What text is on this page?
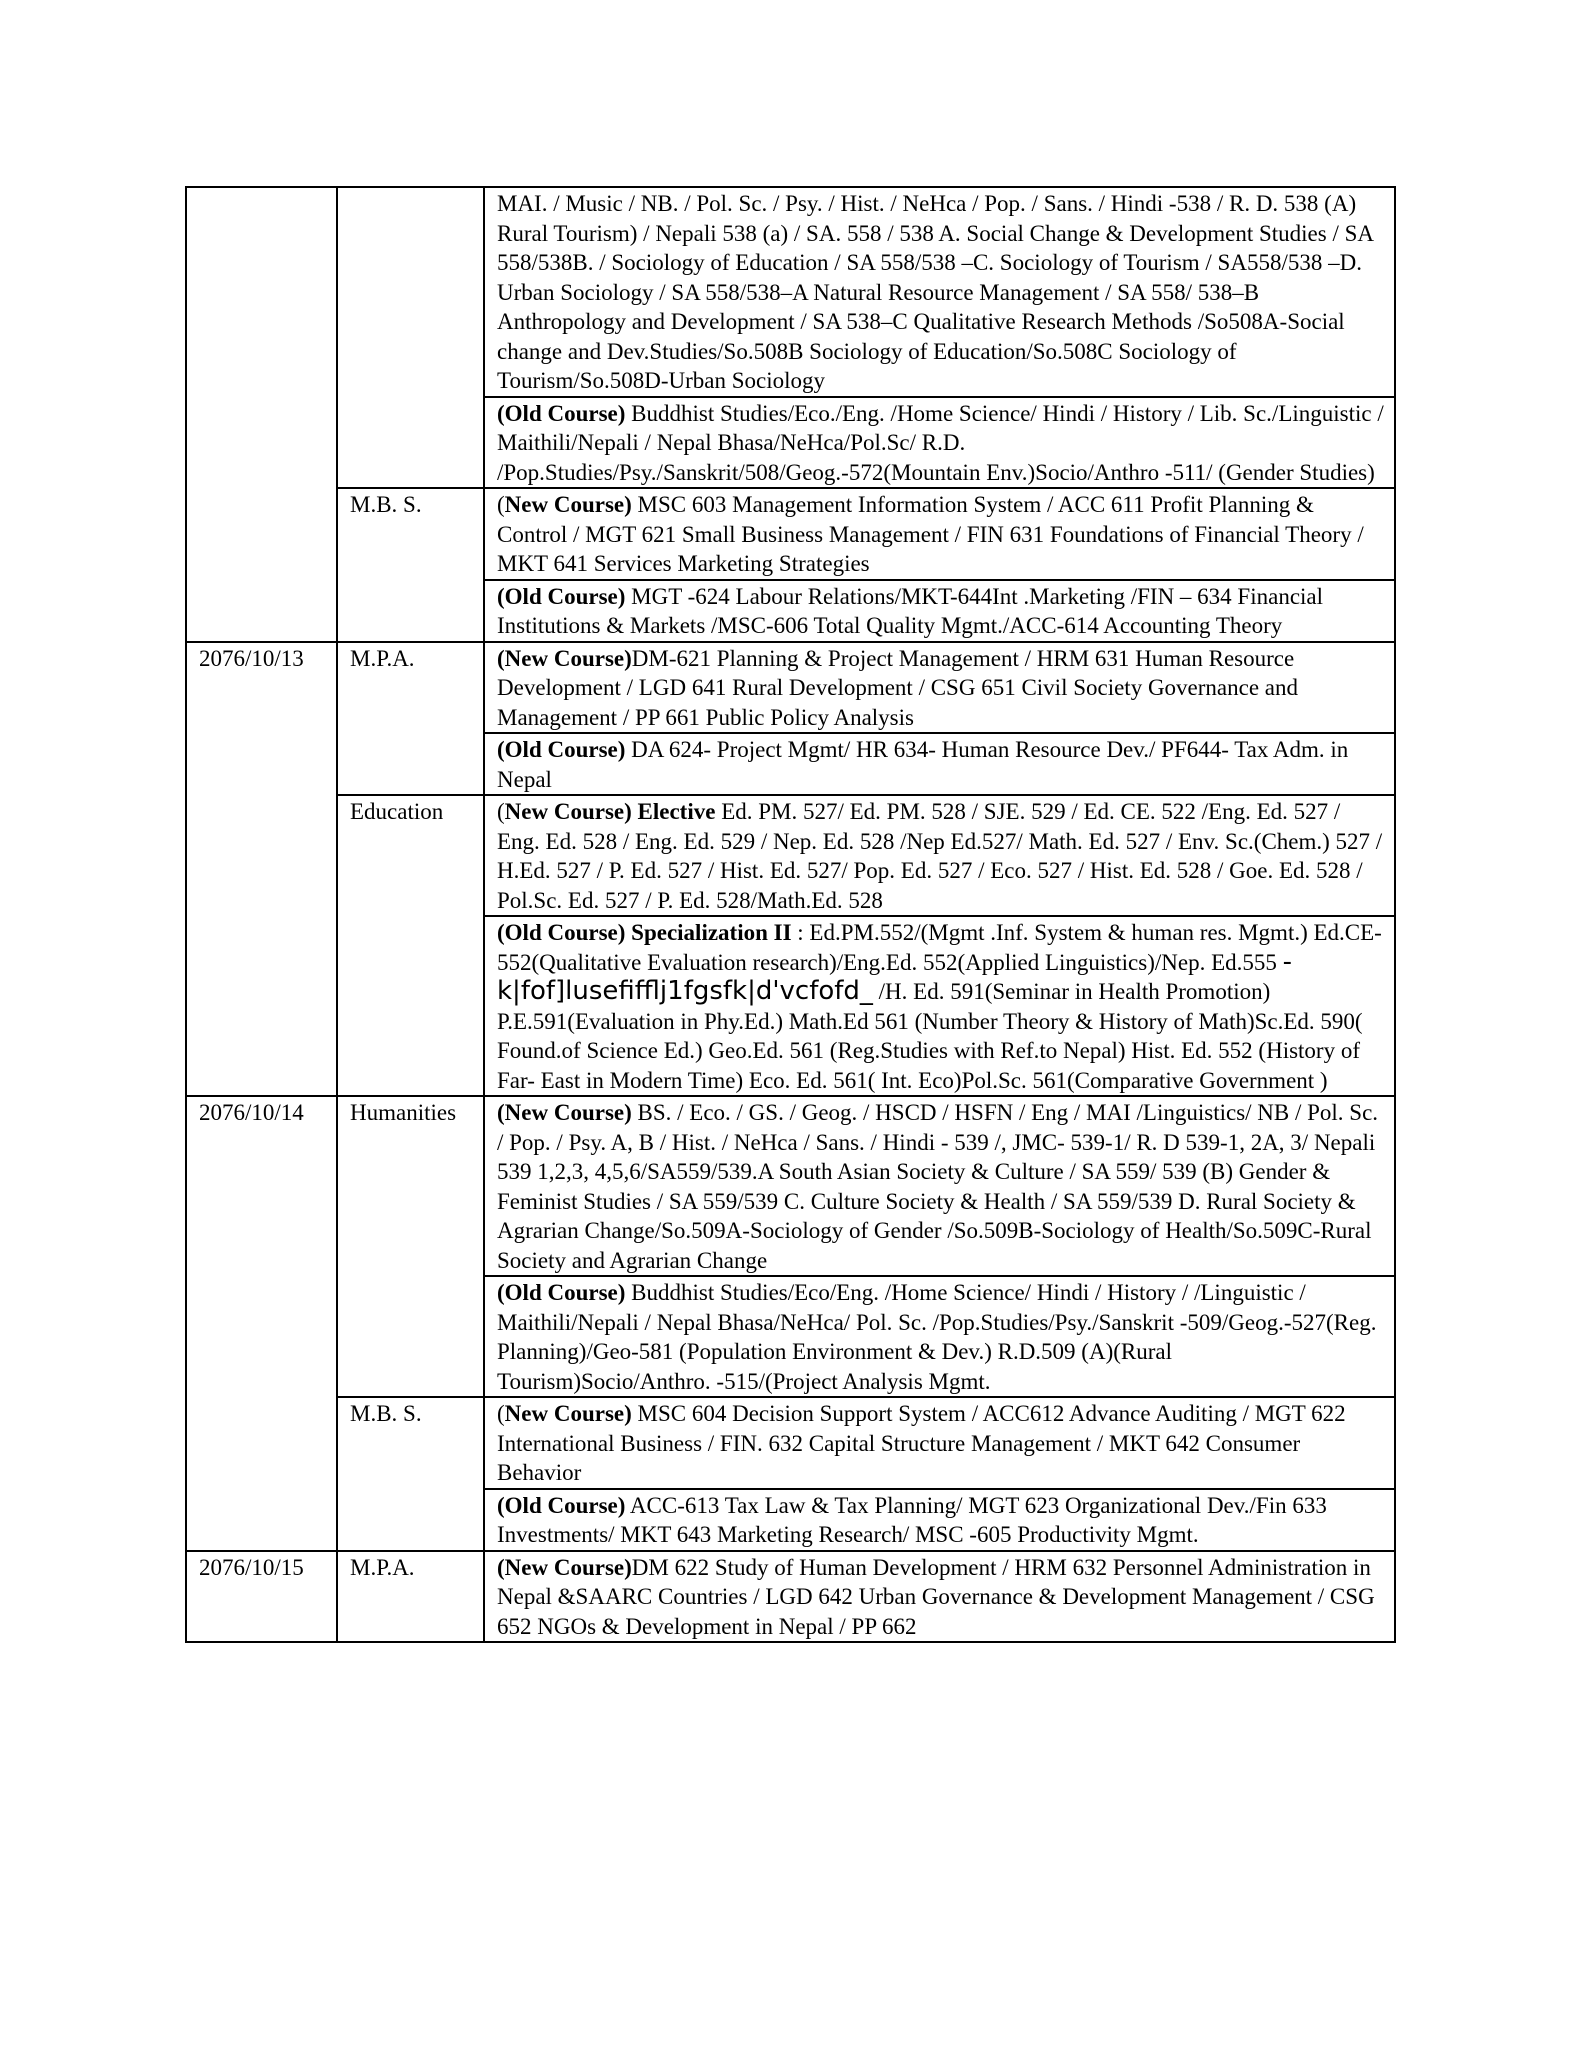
		MAI. / Music / NB. / Pol. Sc. / Psy. / Hist. / NeHca / Pop. / Sans. / Hindi -538 / R. D. 538 (A) Rural Tourism) / Nepali 538 (a) / SA. 558 / 538 A. Social Change & Development Studies / SA 558/538B. / Sociology of Education / SA 558/538 –C. Sociology of Tourism / SA558/538 –D. Urban Sociology / SA 558/538–A Natural Resource Management / SA 558/ 538–B Anthropology and Development / SA 538–C Qualitative Research Methods /So508A-Social change and Dev.Studies/So.508B Sociology of Education/So.508C Sociology of Tourism/So.508D-Urban Sociology
		(Old Course) Buddhist Studies/Eco./Eng. /Home Science/ Hindi / History / Lib. Sc./Linguistic / Maithili/Nepali / Nepal Bhasa/NeHca/Pol.Sc/ R.D. /Pop.Studies/Psy./Sanskrit/508/Geog.-572(Mountain Env.)Socio/Anthro -511/ (Gender Studies)
	M.B. S.	(New Course) MSC 603 Management Information System / ACC 611 Profit Planning & Control / MGT 621 Small Business Management / FIN 631 Foundations of Financial Theory / MKT 641 Services Marketing Strategies
		(Old Course) MGT -624 Labour Relations/MKT-644Int .Marketing /FIN – 634 Financial Institutions & Markets /MSC-606 Total Quality Mgmt./ACC-614 Accounting Theory
2076/10/13	M.P.A.	(New Course)DM-621 Planning & Project Management / HRM 631 Human Resource Development / LGD 641 Rural Development / CSG 651 Civil Society Governance and Management / PP 661 Public Policy Analysis
		(Old Course) DA 624- Project Mgmt/ HR 634- Human Resource Dev./ PF644- Tax Adm. in Nepal
	Education	(New Course) Elective Ed. PM. 527/ Ed. PM. 528 / SJE. 529 / Ed. CE. 522 /Eng. Ed. 527 / Eng. Ed. 528 / Eng. Ed. 529 / Nep. Ed. 528 /Nep Ed.527/ Math. Ed. 527 / Env. Sc.(Chem.) 527 / H.Ed. 527 / P. Ed. 527 / Hist. Ed. 527/ Pop. Ed. 527 / Eco. 527 / Hist. Ed. 528 / Goe. Ed. 528 / Pol.Sc. Ed. 527 / P. Ed. 528/Math.Ed. 528
		(Old Course) Specialization II : Ed.PM.552/(Mgmt .Inf. System & human res. Mgmt.) Ed.CE-552(Qualitative Evaluation research)/Eng.Ed. 552(Applied Linguistics)/Nep. Ed.555 -k|fof]lusefifflj1fgsfk|d'vcfofd_ /H. Ed. 591(Seminar in Health Promotion) P.E.591(Evaluation in Phy.Ed.) Math.Ed 561 (Number Theory & History of Math)Sc.Ed. 590( Found.of Science Ed.) Geo.Ed. 561 (Reg.Studies with Ref.to Nepal) Hist. Ed. 552 (History of Far- East in Modern Time) Eco. Ed. 561( Int. Eco)Pol.Sc. 561(Comparative Government )
2076/10/14	Humanities	(New Course) BS. / Eco. / GS. / Geog. / HSCD / HSFN / Eng / MAI /Linguistics/ NB / Pol. Sc. / Pop. / Psy. A, B / Hist. / NeHca / Sans. / Hindi - 539 /, JMC- 539-1/ R. D 539-1, 2A, 3/ Nepali 539 1,2,3, 4,5,6/SA559/539.A South Asian Society & Culture / SA 559/ 539 (B) Gender & Feminist Studies / SA 559/539 C. Culture Society & Health / SA 559/539 D. Rural Society & Agrarian Change/So.509A-Sociology of Gender /So.509B-Sociology of Health/So.509C-Rural Society and Agrarian Change
		(Old Course) Buddhist Studies/Eco/Eng. /Home Science/ Hindi / History / /Linguistic / Maithili/Nepali / Nepal Bhasa/NeHca/ Pol. Sc. /Pop.Studies/Psy./Sanskrit -509/Geog.-527(Reg. Planning)/Geo-581 (Population Environment & Dev.) R.D.509 (A)(Rural Tourism)Socio/Anthro. -515/(Project Analysis Mgmt.
	M.B. S.	(New Course) MSC 604 Decision Support System / ACC612 Advance Auditing / MGT 622 International Business / FIN. 632 Capital Structure Management / MKT 642 Consumer Behavior
		(Old Course) ACC-613 Tax Law & Tax Planning/ MGT 623 Organizational Dev./Fin 633 Investments/ MKT 643 Marketing Research/ MSC -605 Productivity Mgmt.
2076/10/15	M.P.A.	(New Course)DM 622 Study of Human Development / HRM 632 Personnel Administration in Nepal &SAARC Countries / LGD 642 Urban Governance & Development Management / CSG 652 NGOs & Development in Nepal / PP 662
